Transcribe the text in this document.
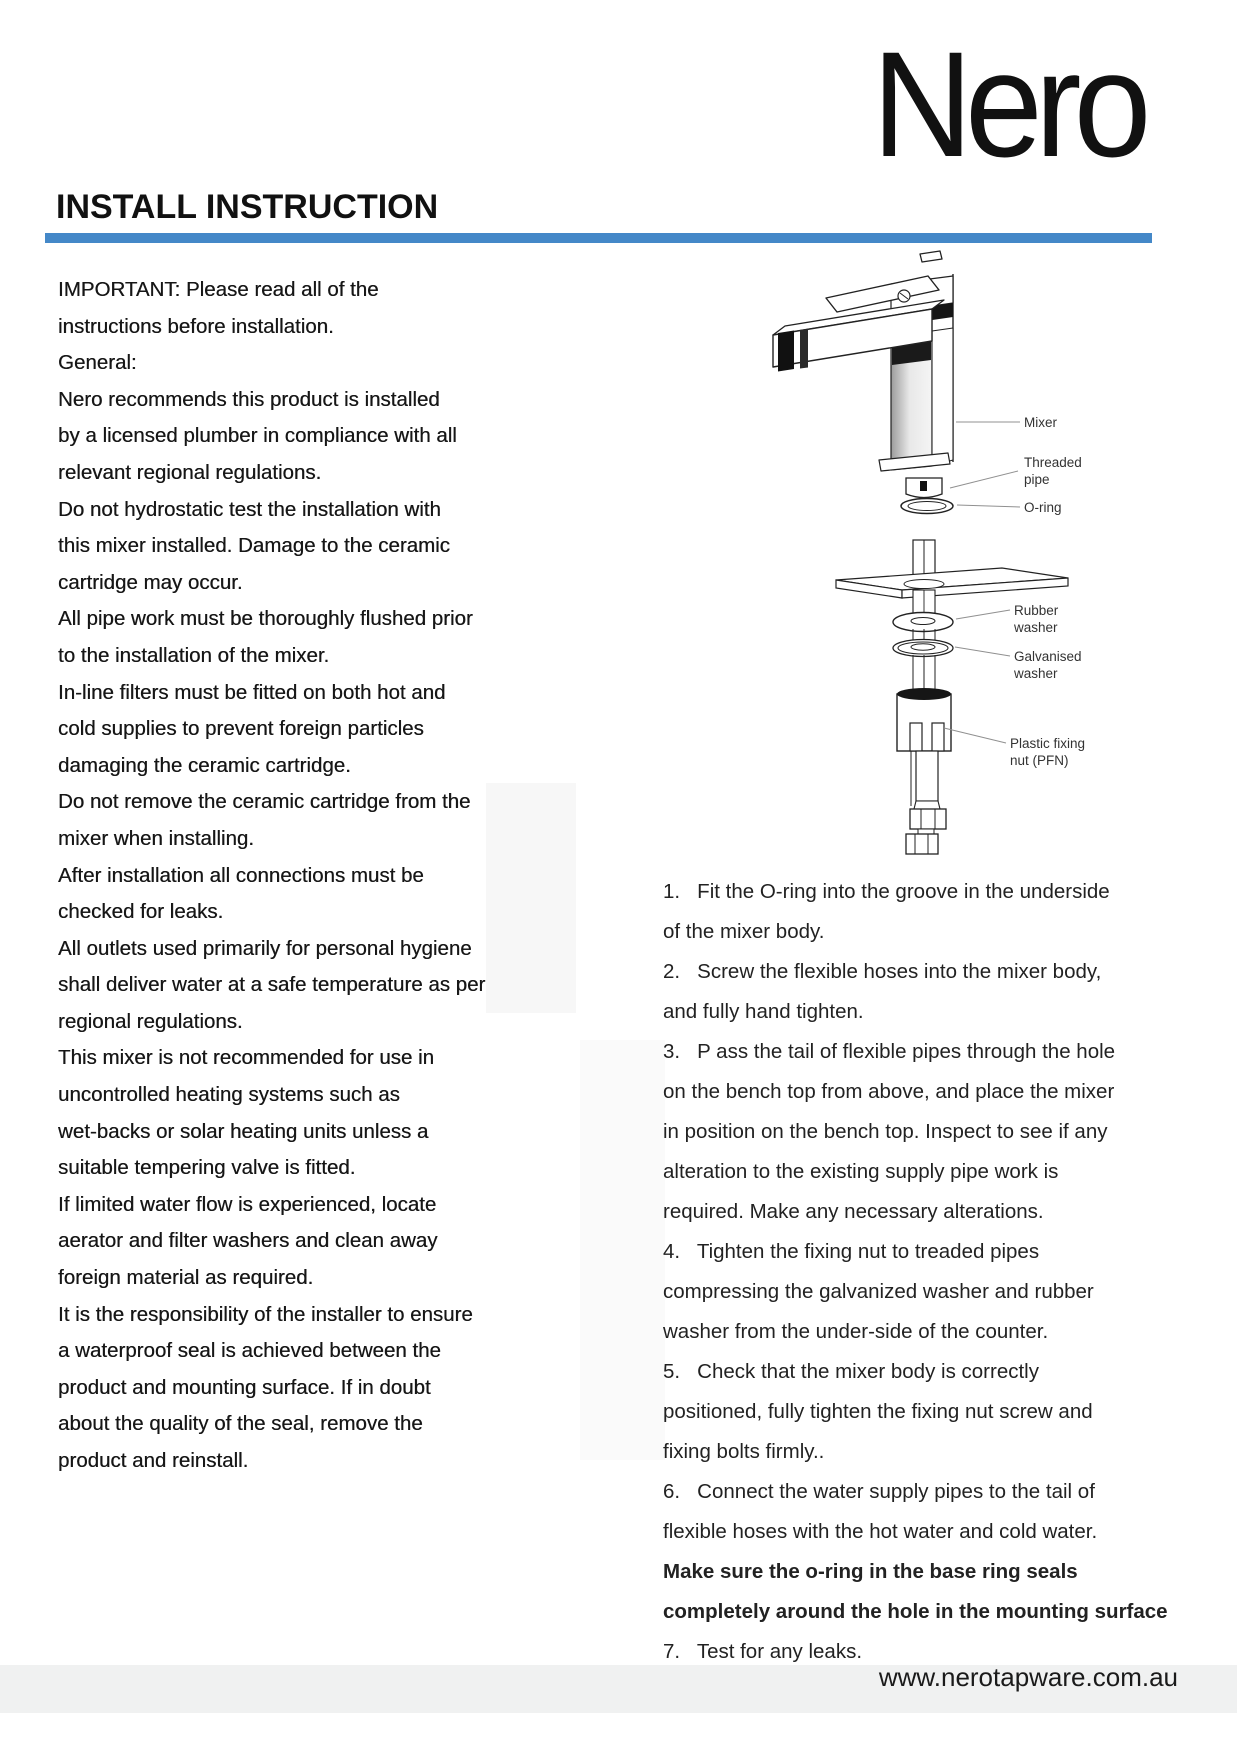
Nero
INSTALL INSTRUCTION
IMPORTANT: Please read all of the
instructions before installation.
General:
Nero recommends this product is installed
by a licensed plumber in compliance with all
relevant regional regulations.
Do not hydrostatic test the installation with
this mixer installed. Damage to the ceramic
cartridge may occur.
All pipe work must be thoroughly flushed prior
to the installation of the mixer.
In-line filters must be fitted on both hot and
cold supplies to prevent foreign particles
damaging the ceramic cartridge.
Do not remove the ceramic cartridge from the
mixer when installing.
After installation all connections must be
checked for leaks.
All outlets used primarily for personal hygiene
shall deliver water at a safe temperature as per
regional regulations.
This mixer is not recommended for use in
uncontrolled heating systems such as
wet-backs or solar heating units unless a
suitable tempering valve is fitted.
If limited water flow is experienced, locate
aerator and filter washers and clean away
foreign material as required.
It is the responsibility of the installer to ensure
a waterproof seal is achieved between the
product and mounting surface. If in doubt
about the quality of the seal, remove the
product and reinstall.
Mixer
Threaded
pipe
O-ring
Rubber
washer
Galvanised
washer
Plastic fixing
nut (PFN)
1.   Fit the O-ring into the groove in the underside
of the mixer body.
2.   Screw the flexible hoses into the mixer body,
and fully hand tighten.
3.   P ass the tail of flexible pipes through the hole
on the bench top from above, and place the mixer
in position on the bench top. Inspect to see if any
alteration to the existing supply pipe work is
required. Make any necessary alterations.
4.   Tighten the fixing nut to treaded pipes
compressing the galvanized washer and rubber
washer from the under-side of the counter.
5.   Check that the mixer body is correctly
positioned, fully tighten the fixing nut screw and
fixing bolts firmly..
6.   Connect the water supply pipes to the tail of
flexible hoses with the hot water and cold water.
Make sure the o-ring in the base ring seals
completely around the hole in the mounting surface
7.   Test for any leaks.
www.nerotapware.com.au
